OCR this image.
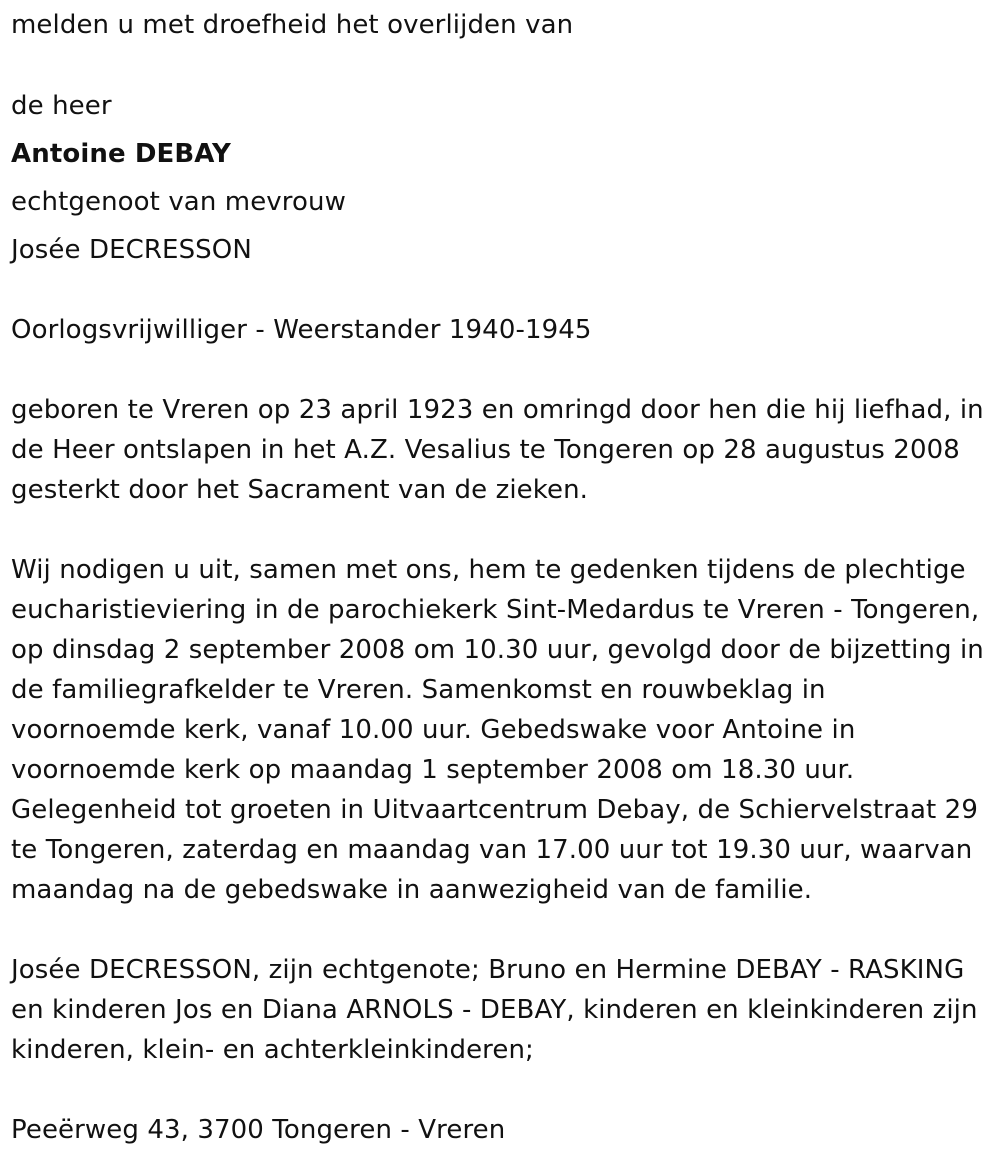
melden u met droefheid het overlijden van
de heer
Antoine DEBAY
echtgenoot van mevrouw
Josée DECRESSON
Oorlogsvrijwilliger - Weerstander 1940-1945
geboren te Vreren op 23 april 1923 en omringd door hen die hij liefhad, in de Heer ontslapen in het A.Z. Vesalius te Tongeren op 28 augustus 2008 gesterkt door het Sacrament van de zieken.
Wij nodigen u uit, samen met ons, hem te gedenken tijdens de plechtige eucharistieviering in de parochiekerk Sint-Medardus te Vreren - Tongeren, op dinsdag 2 september 2008 om 10.30 uur, gevolgd door de bijzetting in de familiegrafkelder te Vreren. Samenkomst en rouwbeklag in voornoemde kerk, vanaf 10.00 uur. Gebedswake voor Antoine in voornoemde kerk op maandag 1 september 2008 om 18.30 uur. Gelegenheid tot groeten in Uitvaartcentrum Debay, de Schiervelstraat 29 te Tongeren, zaterdag en maandag van 17.00 uur tot 19.30 uur, waarvan maandag na de gebedswake in aanwezigheid van de familie.
Josée DECRESSON, zijn echtgenote; Bruno en Hermine DEBAY - RASKING en kinderen Jos en Diana ARNOLS - DEBAY, kinderen en kleinkinderen zijn kinderen, klein- en achterkleinkinderen;
Peeërweg 43, 3700 Tongeren - Vreren
